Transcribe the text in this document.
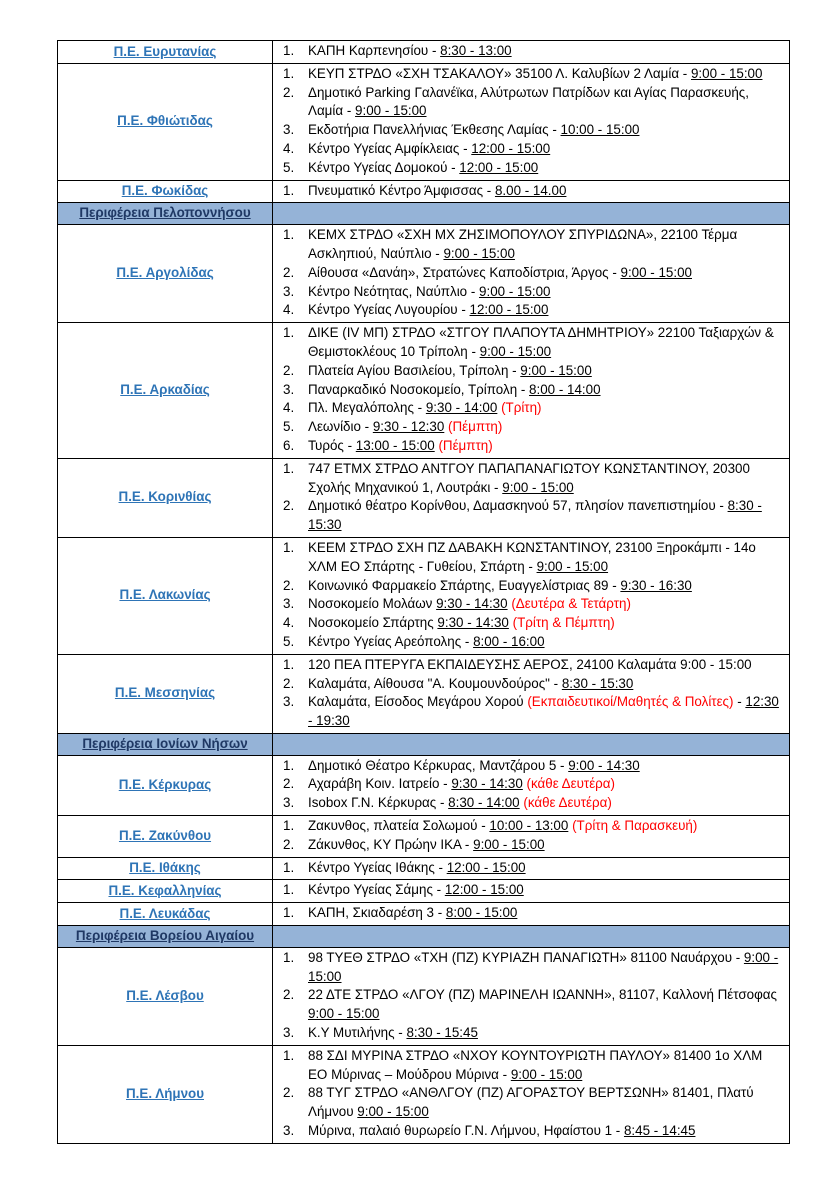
Π.Ε. Ευρυτανίας	1. ΚΑΠΗ Καρπενησίου - 8:30 - 13:00

Π.Ε. Φθιώτιδας	
1.	ΚΕΥΠ ΣΤΡΔΟ «ΣΧΗ ΤΣΑΚΑΛΟΥ» 35100 Λ. Καλυβίων 2 Λαμία - 9:00 - 15:00
2.	Δημοτικό Parking Γαλανέϊκα, Αλύτρωτων Πατρίδων και Αγίας Παρασκευής, Λαμία - 9:00 - 15:00
3.	Εκδοτήρια Πανελλήνιας Έκθεσης Λαμίας - 10:00 - 15:00
4.	Κέντρο Υγείας Αμφίκλειας - 12:00 - 15:00
5.	Κέντρο Υγείας Δομοκού - 12:00 - 15:00

Π.Ε. Φωκίδας	1. Πνευματικό Κέντρο Άμφισσας - 8.00 - 14.00

Περιφέρεια Πελοποννήσου	

Π.Ε. Αργολίδας	
1.	ΚΕΜΧ ΣΤΡΔΟ «ΣΧΗ ΜΧ ΖΗΣΙΜΟΠΟΥΛΟΥ ΣΠΥΡΙΔΩΝΑ», 22100 Τέρμα Ασκληπιού, Ναύπλιο - 9:00 - 15:00
2.	Αίθουσα «Δανάη», Στρατώνες Καποδίστρια, Άργος - 9:00 - 15:00
3.	Κέντρο Νεότητας, Ναύπλιο - 9:00 - 15:00
4.	Κέντρο Υγείας Λυγουρίου - 12:00 - 15:00

Π.Ε. Αρκαδίας	
1.	ΔΙΚΕ (ΙV ΜΠ) ΣΤΡΔΟ «ΣΤΓΟΥ ΠΛΑΠΟΥΤΑ ΔΗΜΗΤΡΙΟΥ» 22100 Ταξιαρχών & Θεμιστοκλέους 10 Τρίπολη - 9:00 - 15:00
2.	Πλατεία Αγίου Βασιλείου, Τρίπολη - 9:00 - 15:00
3.	Παναρκαδικό Νοσοκομείο, Τρίπολη - 8:00 - 14:00
4.	Πλ. Μεγαλόπολης - 9:30 - 14:00 (Τρίτη)
5.	Λεωνίδιο - 9:30 - 12:30 (Πέμπτη)
6.	Τυρός - 13:00 - 15:00 (Πέμπτη)

Π.Ε. Κορινθίας	1. 747 ΕΤΜΧ ΣΤΡΔΟ ΑΝΤΓΟΥ ΠΑΠΑΠΑΝΑΓΙΩΤΟΥ ΚΩΝΣΤΑΝΤΙΝΟΥ, 20300 Σχολής Μηχανικού 1, Λουτράκι - 9:00 - 15:00
2. Δημοτικό θέατρο Κορίνθου, Δαμασκηνού 57, πλησίον πανεπιστημίου - 8:30 - 15:30

Π.Ε. Λακωνίας	
1.	ΚΕΕΜ ΣΤΡΔΟ ΣΧΗ ΠΖ ΔΑΒΑΚΗ ΚΩΝΣΤΑΝΤΙΝΟΥ, 23100 Ξηροκάμπι - 14ο ΧΛΜ ΕΟ Σπάρτης - Γυθείου, Σπάρτη - 9:00 - 15:00
2.	Κοινωνικό Φαρμακείο Σπάρτης, Ευαγγελίστριας 89 - 9:30 - 16:30
3.	Νοσοκομείο Μολάων 9:30 - 14:30 (Δευτέρα & Τετάρτη)
4.	Νοσοκομείο Σπάρτης 9:30 - 14:30 (Τρίτη & Πέμπτη)
5.	Κέντρο Υγείας Αρεόπολης - 8:00 - 16:00

Π.Ε. Μεσσηνίας	
1.	120 ΠΕΑ ΠΤΕΡΥΓΑ ΕΚΠΑΙΔΕΥΣΗΣ ΑΕΡΟΣ, 24100 Καλαμάτα 9:00 - 15:00
2.	Καλαμάτα, Αίθουσα "Α. Κουμουνδούρος" - 8:30 - 15:30
3.	Καλαμάτα, Είσοδος Μεγάρου Χορού (Εκπαιδευτικοί/Μαθητές & Πολίτες) - 12:30 - 19:30

Περιφέρεια Ιονίων Νήσων	

Π.Ε. Κέρκυρας	
1.	Δημοτικό Θέατρο Κέρκυρας, Μαντζάρου 5 - 9:00 - 14:30
2.	Αχαράβη Κοιν. Ιατρείο - 9:30 - 14:30 (κάθε Δευτέρα)
3.	Isobox Γ.Ν. Κέρκυρας - 8:30 - 14:00 (κάθε Δευτέρα)

Π.Ε. Ζακύνθου	1. Ζακυνθος, πλατεία Σολωμού - 10:00 - 13:00 (Τρίτη & Παρασκευή)
2. Ζάκυνθος, ΚΥ Πρώην ΙΚΑ - 9:00 - 15:00

Π.Ε. Ιθάκης	1. Κέντρο Υγείας Ιθάκης - 12:00 - 15:00

Π.Ε. Κεφαλληνίας	1. Κέντρο Υγείας Σάμης - 12:00 - 15:00

Π.Ε. Λευκάδας	1. ΚΑΠΗ, Σκιαδαρέση 3 - 8:00 - 15:00

Περιφέρεια Βορείου Αιγαίου	

Π.Ε. Λέσβου	
1.	98 ΤΥΕΘ ΣΤΡΔΟ «ΤΧΗ (ΠΖ) ΚΥΡΙΑΖΗ ΠΑΝΑΓΙΩΤΗ» 81100 Ναυάρχου - 9:00 - 15:00
2.	22 ΔΤΕ ΣΤΡΔΟ «ΛΓΟΥ (ΠΖ) ΜΑΡΙΝΕΛΗ ΙΩΑΝΝΗ», 81107, Καλλονή Πέτσοφας 9:00 - 15:00
3.	Κ.Υ Μυτιλήνης - 8:30 - 15:45

Π.Ε. Λήμνου	
1.	88 ΣΔΙ ΜΥΡΙΝΑ ΣΤΡΔΟ «ΝΧΟΥ ΚΟΥΝΤΟΥΡΙΩΤΗ ΠΑΥΛΟΥ» 81400 1ο ΧΛΜ ΕΟ Μύρινας – Μούδρου Μύρινα - 9:00 - 15:00
2.	88 ΤΥΓ ΣΤΡΔΟ «ΑΝΘΛΓΟΥ (ΠΖ) ΑΓΟΡΑΣΤΟΥ ΒΕΡΤΣΩΝΗ» 81401, Πλατύ Λήμνου 9:00 - 15:00
3.	Μύρινα, παλαιό θυρωρείο Γ.Ν. Λήμνου, Ηφαίστου 1 - 8:45 - 14:45
